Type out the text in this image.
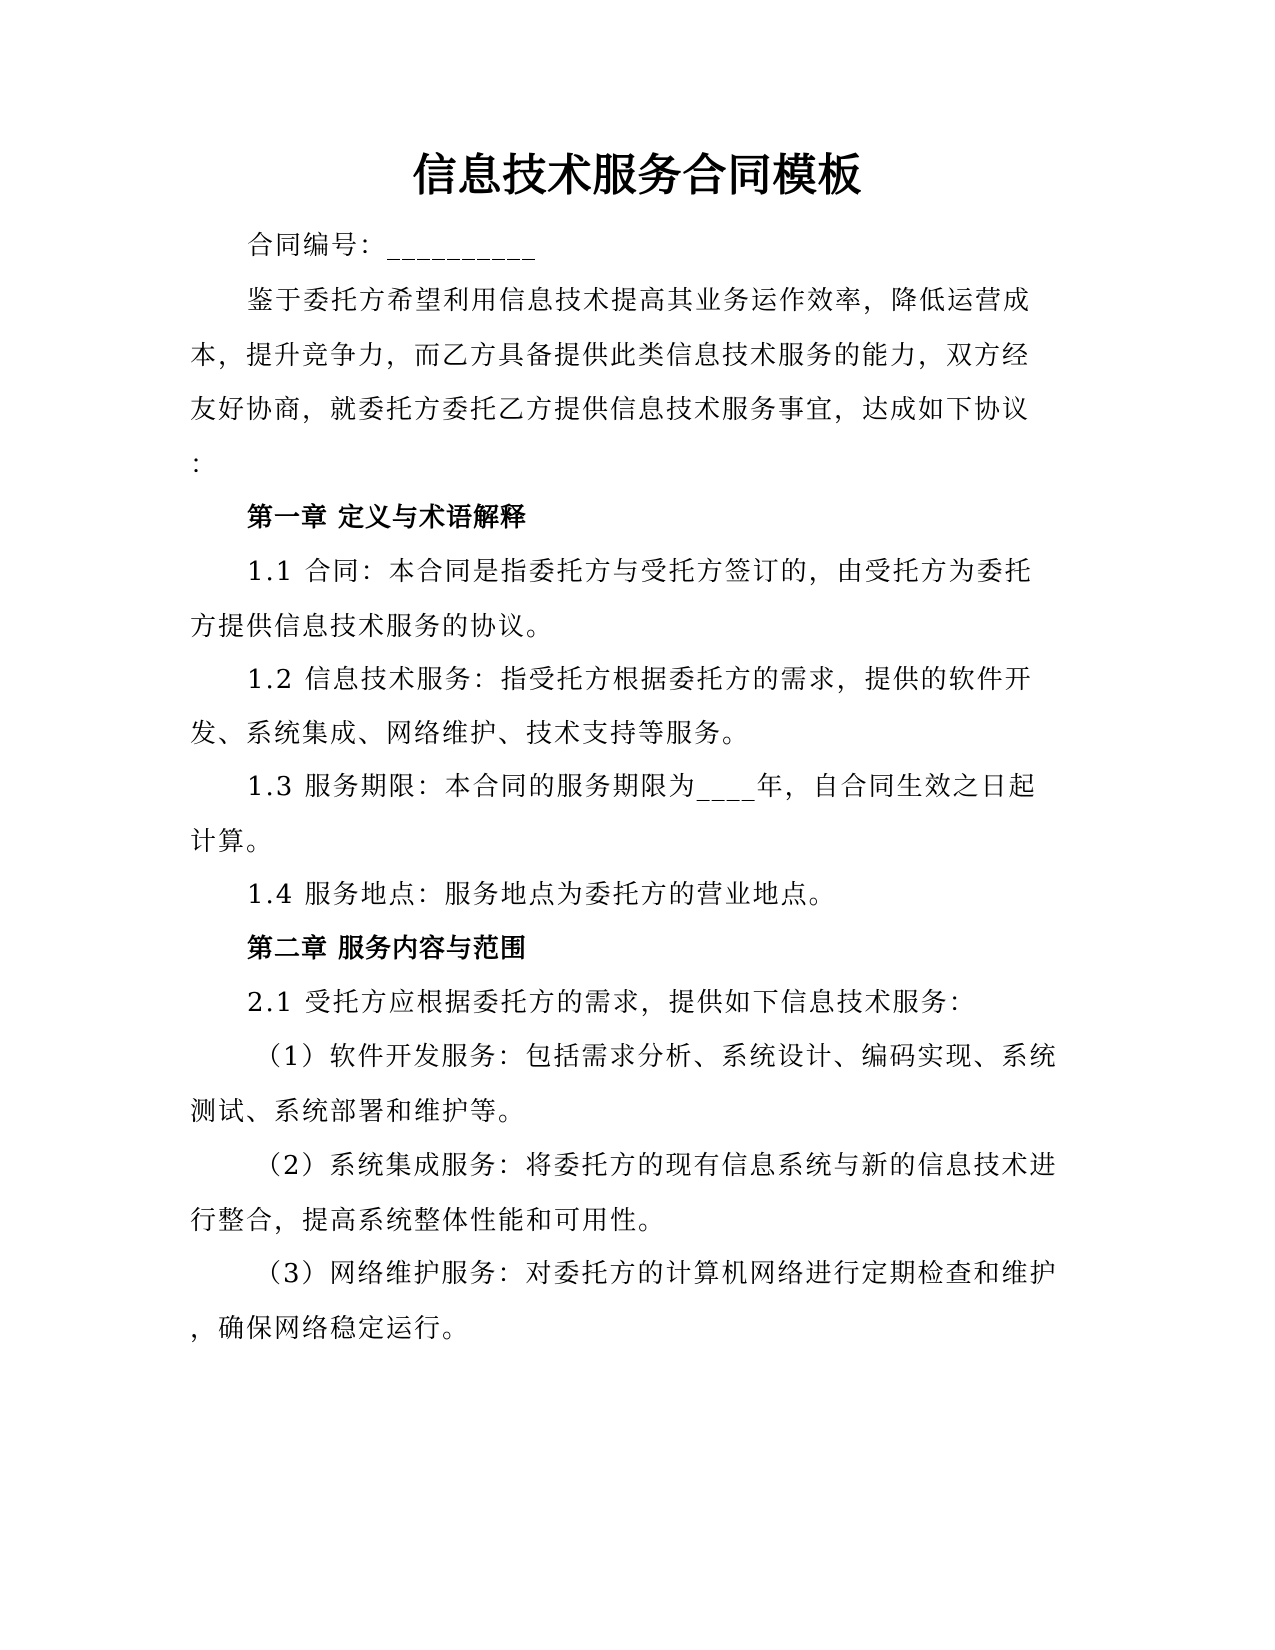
信息技术服务合同模板
合同编号：__________
鉴于委托方希望利用信息技术提高其业务运作效率，降低运营成
本，提升竞争力，而乙方具备提供此类信息技术服务的能力，双方经
友好协商，就委托方委托乙方提供信息技术服务事宜，达成如下协议
：
第一章 定义与术语解释
1.1 合同：本合同是指委托方与受托方签订的，由受托方为委托
方提供信息技术服务的协议。
1.2 信息技术服务：指受托方根据委托方的需求，提供的软件开
发、系统集成、网络维护、技术支持等服务。
1.3 服务期限：本合同的服务期限为____年，自合同生效之日起
计算。
1.4 服务地点：服务地点为委托方的营业地点。
第二章 服务内容与范围
2.1 受托方应根据委托方的需求，提供如下信息技术服务：
（1）软件开发服务：包括需求分析、系统设计、编码实现、系统
测试、系统部署和维护等。
（2）系统集成服务：将委托方的现有信息系统与新的信息技术进
行整合，提高系统整体性能和可用性。
（3）网络维护服务：对委托方的计算机网络进行定期检查和维护
，确保网络稳定运行。
